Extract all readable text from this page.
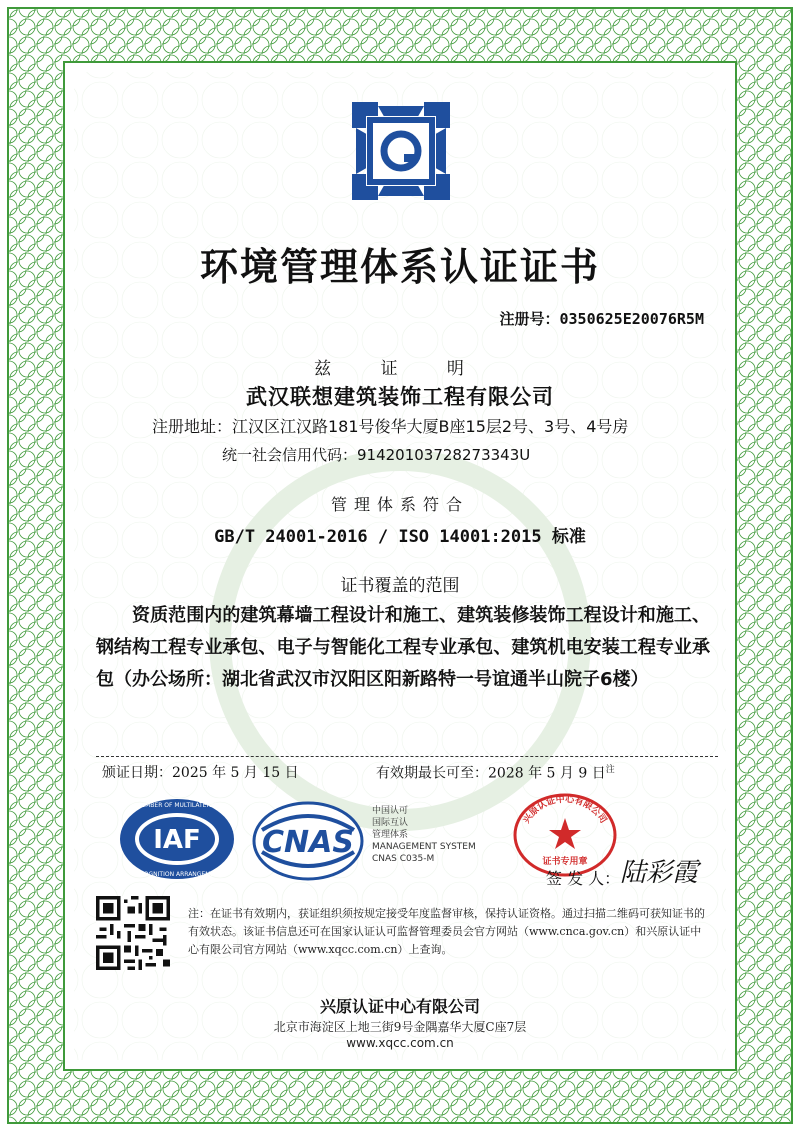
环境管理体系认证证书
注册号：0350625E20076R5M
兹 证 明
武汉联想建筑装饰工程有限公司
注册地址：江汉区江汉路181号俊华大厦B座15层2号、3号、4号房
统一社会信用代码：91420103728273343U
管理体系符合
GB/T 24001-2016 / ISO 14001:2015 标准
证书覆盖的范围
资质范围内的建筑幕墙工程设计和施工、建筑装修装饰工程设计和施工、钢结构工程专业承包、电子与智能化工程专业承包、建筑机电安装工程专业承包（办公场所：湖北省武汉市汉阳区阳新路特一号谊通半山院子6楼）
颁证日期：2025 年 5 月 15 日	有效期最长可至：2028 年 5 月 9 日$^注$
MEMBER OF MULTILATERAL
RECOGNITION ARRANGEMENT
IAF CNAS
中国认可
国际互认
管理体系
MANAGEMENT SYSTEM
CNAS C035-M
兴原认证中心有限公司
证书专用章
签 发 人： 陆彩霞
注：在证书有效期内，获证组织须按规定接受年度监督审核，保持认证资格。通过扫描二维码可获知证书的有效状态。该证书信息还可在国家认证认可监督管理委员会官方网站（www.cnca.gov.cn）和兴原认证中心有限公司官方网站（www.xqcc.com.cn）上查询。
兴原认证中心有限公司
北京市海淀区上地三街9号金隅嘉华大厦C座7层
www.xqcc.com.cn
